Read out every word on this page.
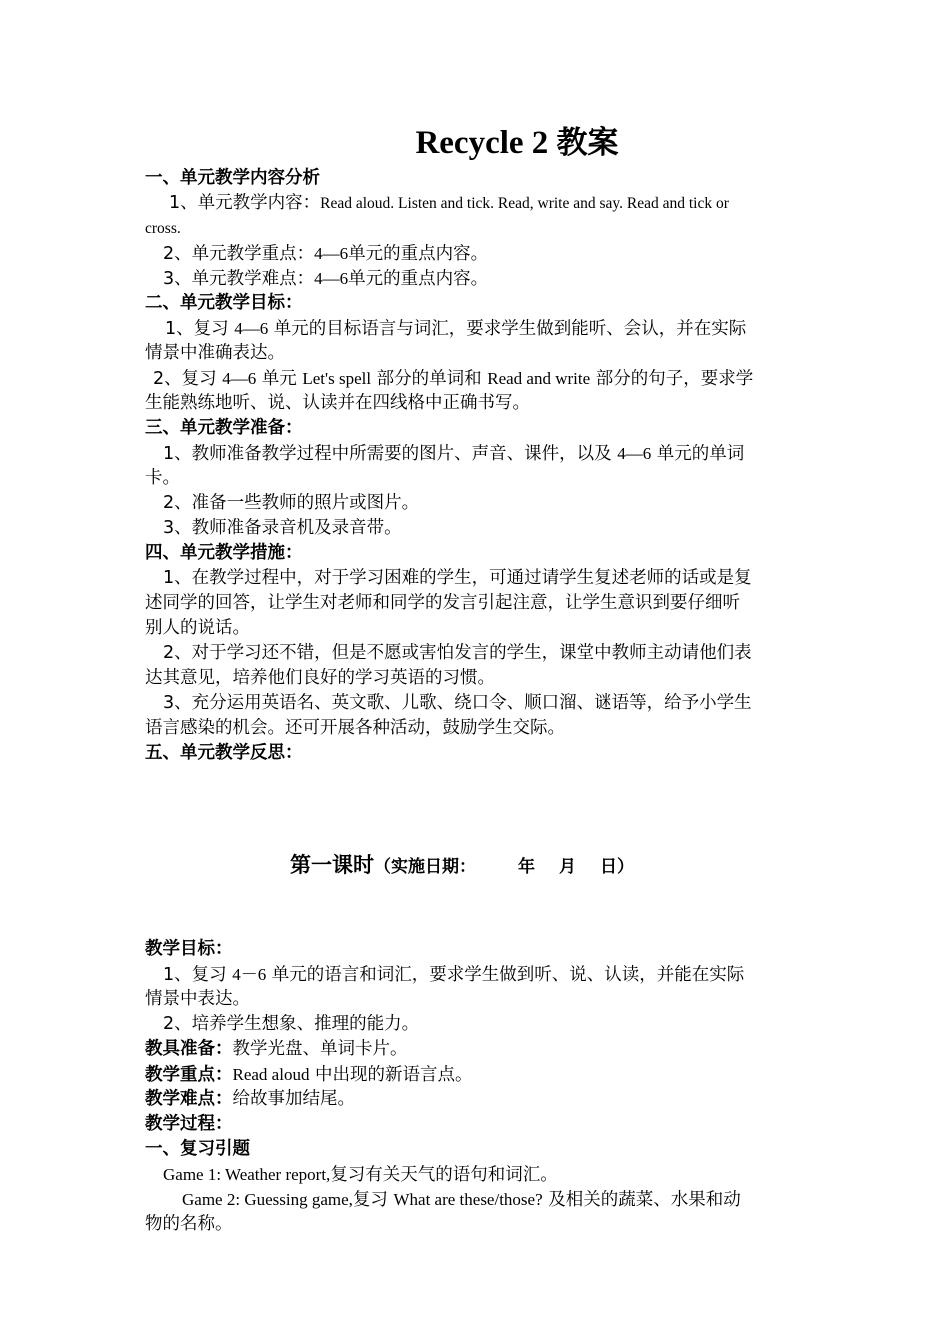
Recycle 2 教案
一、单元教学内容分析
1、单元教学内容：Read aloud. Listen and tick. Read, write and say. Read and tick or
cross.
2、单元教学重点：4—6单元的重点内容。
3、单元教学难点：4—6单元的重点内容。
二、单元教学目标：
1、复习 4—6 单元的目标语言与词汇，要求学生做到能听、会认，并在实际
情景中准确表达。
2、复习 4—6 单元 Let's spell 部分的单词和 Read and write 部分的句子，要求学
生能熟练地听、说、认读并在四线格中正确书写。
三、单元教学准备：
1、教师准备教学过程中所需要的图片、声音、课件，以及 4—6 单元的单词
卡。
2、准备一些教师的照片或图片。
3、教师准备录音机及录音带。
四、单元教学措施：
1、在教学过程中，对于学习困难的学生，可通过请学生复述老师的话或是复
述同学的回答，让学生对老师和同学的发言引起注意，让学生意识到要仔细听
别人的说话。
2、对于学习还不错，但是不愿或害怕发言的学生，课堂中教师主动请他们表
达其意见，培养他们良好的学习英语的习惯。
3、充分运用英语名、英文歌、儿歌、绕口令、顺口溜、谜语等，给予小学生
语言感染的机会。还可开展各种活动，鼓励学生交际。
五、单元教学反思：
第一课时（实施日期： 年 月 日）
教学目标：
1、复习 4－6 单元的语言和词汇，要求学生做到听、说、认读，并能在实际
情景中表达。
2、培养学生想象、推理的能力。
教具准备：教学光盘、单词卡片。
教学重点：Read aloud 中出现的新语言点。
教学难点：给故事加结尾。
教学过程：
一、复习引题
Game 1: Weather report,复习有关天气的语句和词汇。
Game 2: Guessing game,复习 What are these/those? 及相关的蔬菜、水果和动
物的名称。
